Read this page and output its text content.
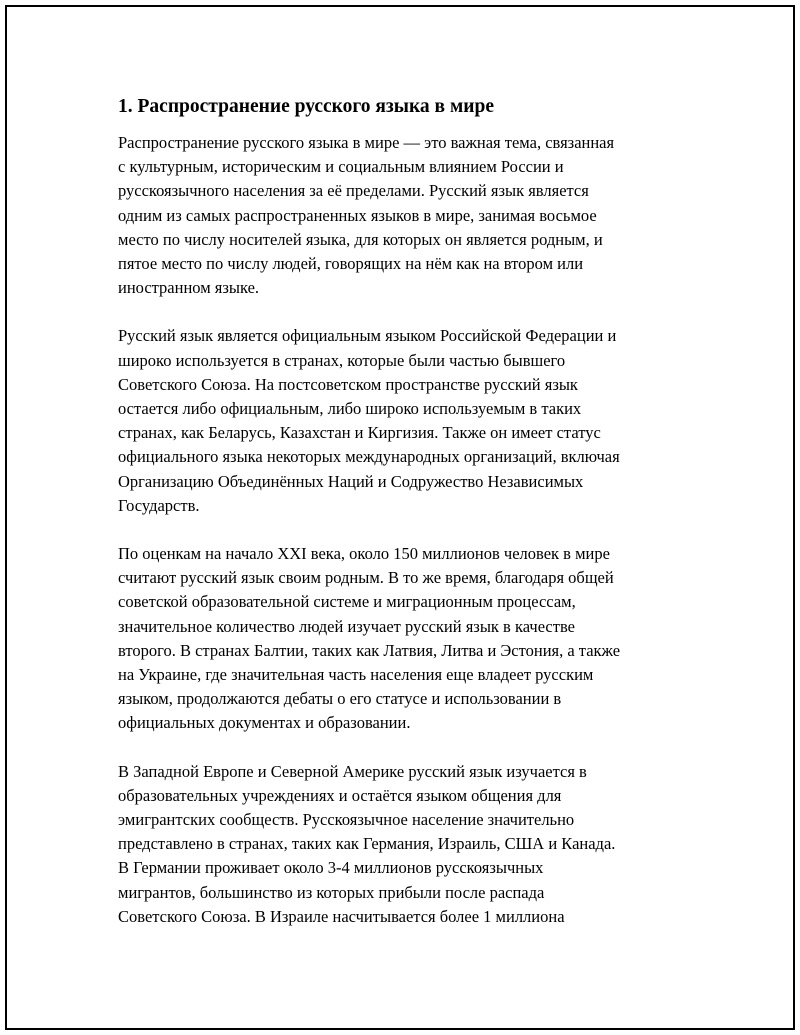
1. Распространение русского языка в мире

Распространение русского языка в мире — это важная тема, связанная
с культурным, историческим и социальным влиянием России и
русскоязычного населения за её пределами. Русский язык является
одним из самых распространенных языков в мире, занимая восьмое
место по числу носителей языка, для которых он является родным, и
пятое место по числу людей, говорящих на нём как на втором или
иностранном языке.

Русский язык является официальным языком Российской Федерации и
широко используется в странах, которые были частью бывшего
Советского Союза. На постсоветском пространстве русский язык
остается либо официальным, либо широко используемым в таких
странах, как Беларусь, Казахстан и Киргизия. Также он имеет статус
официального языка некоторых международных организаций, включая
Организацию Объединённых Наций и Содружество Независимых
Государств.

По оценкам на начало XXI века, около 150 миллионов человек в мире
считают русский язык своим родным. В то же время, благодаря общей
советской образовательной системе и миграционным процессам,
значительное количество людей изучает русский язык в качестве
второго. В странах Балтии, таких как Латвия, Литва и Эстония, а также
на Украине, где значительная часть населения еще владеет русским
языком, продолжаются дебаты о его статусе и использовании в
официальных документах и образовании.

В Западной Европе и Северной Америке русский язык изучается в
образовательных учреждениях и остаётся языком общения для
эмигрантских сообществ. Русскоязычное население значительно
представлено в странах, таких как Германия, Израиль, США и Канада.
В Германии проживает около 3-4 миллионов русскоязычных
мигрантов, большинство из которых прибыли после распада
Советского Союза. В Израиле насчитывается более 1 миллиона
